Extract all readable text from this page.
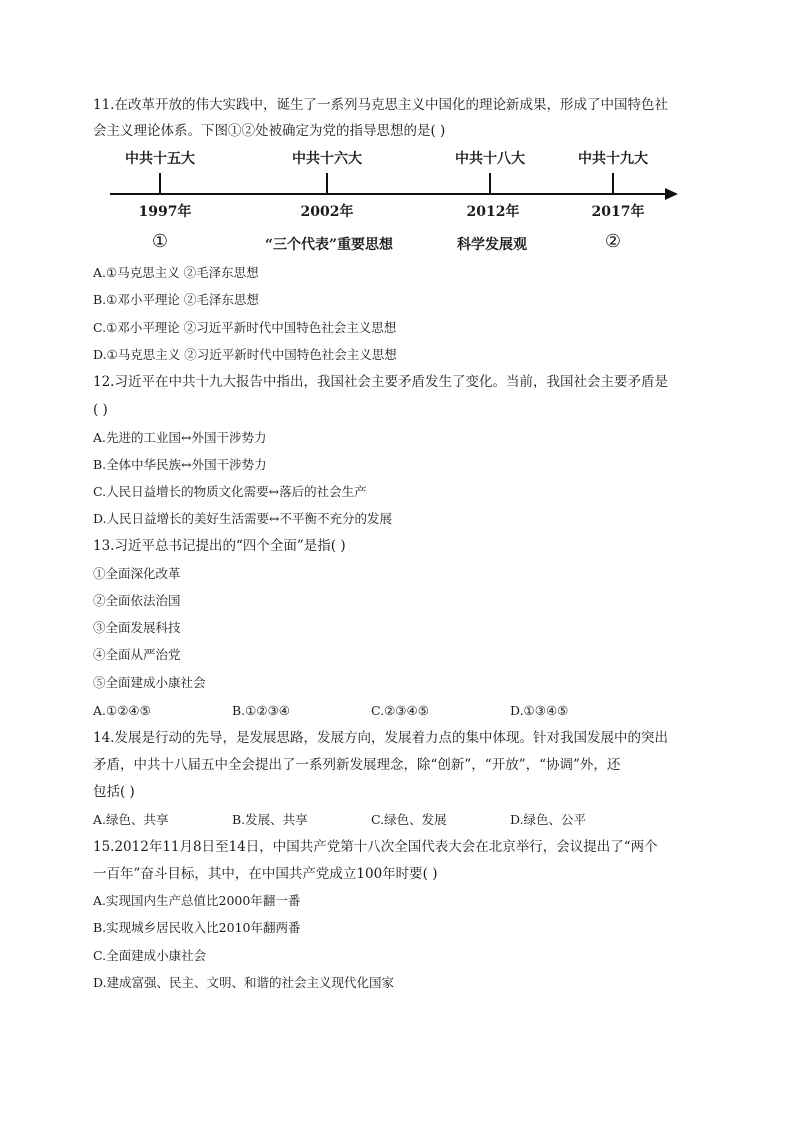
11.在改革开放的伟大实践中，诞生了一系列马克思主义中国化的理论新成果，形成了中国特色社
会主义理论体系。下图①②处被确定为党的指导思想的是( )
中共十五大	中共十六大	中共十八大	中共十九大
1997年	2002年	2012年	2017年
①	“三个代表”重要思想	科学发展观	②
A.①马克思主义 ②毛泽东思想
B.①邓小平理论 ②毛泽东思想
C.①邓小平理论 ②习近平新时代中国特色社会主义思想
D.①马克思主义 ②习近平新时代中国特色社会主义思想
12.习近平在中共十九大报告中指出，我国社会主要矛盾发生了变化。当前，我国社会主要矛盾是
( )
A.先进的工业国↔外国干涉势力
B.全体中华民族↔外国干涉势力
C.人民日益增长的物质文化需要↔落后的社会生产
D.人民日益增长的美好生活需要↔不平衡不充分的发展
13.习近平总书记提出的“四个全面”是指( )
①全面深化改革
②全面依法治国
③全面发展科技
④全面从严治党
⑤全面建成小康社会
A.①②④⑤	B.①②③④	C.②③④⑤	D.①③④⑤
14.发展是行动的先导，是发展思路，发展方向，发展着力点的集中体现。针对我国发展中的突出
矛盾，中共十八届五中全会提出了一系列新发展理念，除“创新”，“开放”，“协调”外，还
包括( )
A.绿色、共享	B.发展、共享	C.绿色、发展	D.绿色、公平
15.2012年11月8日至14日，中国共产党第十八次全国代表大会在北京举行，会议提出了“两个
一百年”奋斗目标，其中，在中国共产党成立100年时要( )
A.实现国内生产总值比2000年翻一番
B.实现城乡居民收入比2010年翻两番
C.全面建成小康社会
D.建成富强、民主、文明、和谐的社会主义现代化国家
